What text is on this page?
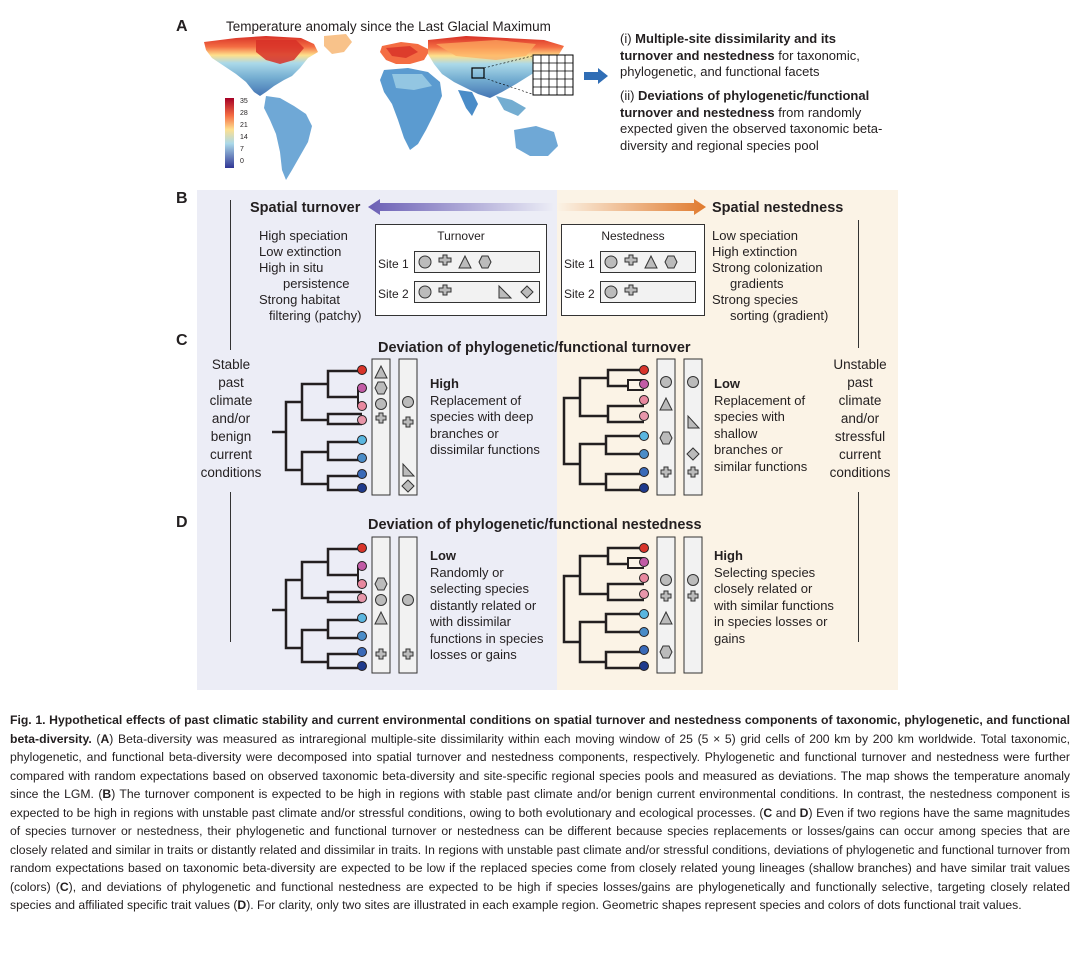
A
B
C
D
Temperature anomaly since the Last Glacial Maximum
35
28
21
14
7
0
(i) Multiple-site dissimilarity and its turnover and nestedness for taxonomic, phylogenetic, and functional facets
(ii) Deviations of phylogenetic/functional turnover and nestedness from randomly expected given the observed taxonomic beta-diversity and regional species pool
Spatial turnover	Spatial nestedness
High speciation
Low extinction
High in situ
persistence
Strong habitat
filtering (patchy)
Low speciation
High extinction
Strong colonization
gradients
Strong species
sorting (gradient)
Turnover
Site 1
Site 2
Nestedness
Site 1
Site 2
Stable
past
climate
and/or
benign
current
conditions
Unstable
past
climate
and/or
stressful
current
conditions
Deviation of phylogenetic/functional turnover
High
Replacement of
species with deep
branches or
dissimilar functions
Low
Replacement of
species with
shallow
branches or
similar functions
Deviation of phylogenetic/functional nestedness
Low
Randomly or
selecting species
distantly related or
with dissimilar
functions in species
losses or gains
High
Selecting species
closely related or
with similar functions
in species losses or
gains

Fig. 1. Hypothetical effects of past climatic stability and current environmental conditions on spatial turnover and nestedness components of taxonomic, phylogenetic, and functional beta-diversity. (A) Beta-diversity was measured as intraregional multiple-site dissimilarity within each moving window of 25 (5 × 5) grid cells of 200 km by 200 km worldwide. Total taxonomic, phylogenetic, and functional beta-diversity were decomposed into spatial turnover and nestedness components, respectively. Phylogenetic and functional turnover and nestedness were further compared with random expectations based on observed taxonomic beta-diversity and site-specific regional species pools and measured as deviations. The map shows the temperature anomaly since the LGM. (B) The turnover component is expected to be high in regions with stable past climate and/or benign current environmental conditions. In contrast, the nestedness component is expected to be high in regions with unstable past climate and/or stressful conditions, owing to both evolutionary and ecological processes. (C and D) Even if two regions have the same magnitudes of species turnover or nestedness, their phylogenetic and functional turnover or nestedness can be different because species replacements or losses/gains can occur among species that are closely related and similar in traits or distantly related and dissimilar in traits. In regions with unstable past climate and/or stressful conditions, deviations of phylogenetic and functional turnover from random expectations based on taxonomic beta-diversity are expected to be low if the replaced species come from closely related young lineages (shallow branches) and have similar trait values (colors) (C), and deviations of phylogenetic and functional nestedness are expected to be high if species losses/gains are phylogenetically and functionally selective, targeting closely related species and affiliated specific trait values (D). For clarity, only two sites are illustrated in each example region. Geometric shapes represent species and colors of dots functional trait values.
